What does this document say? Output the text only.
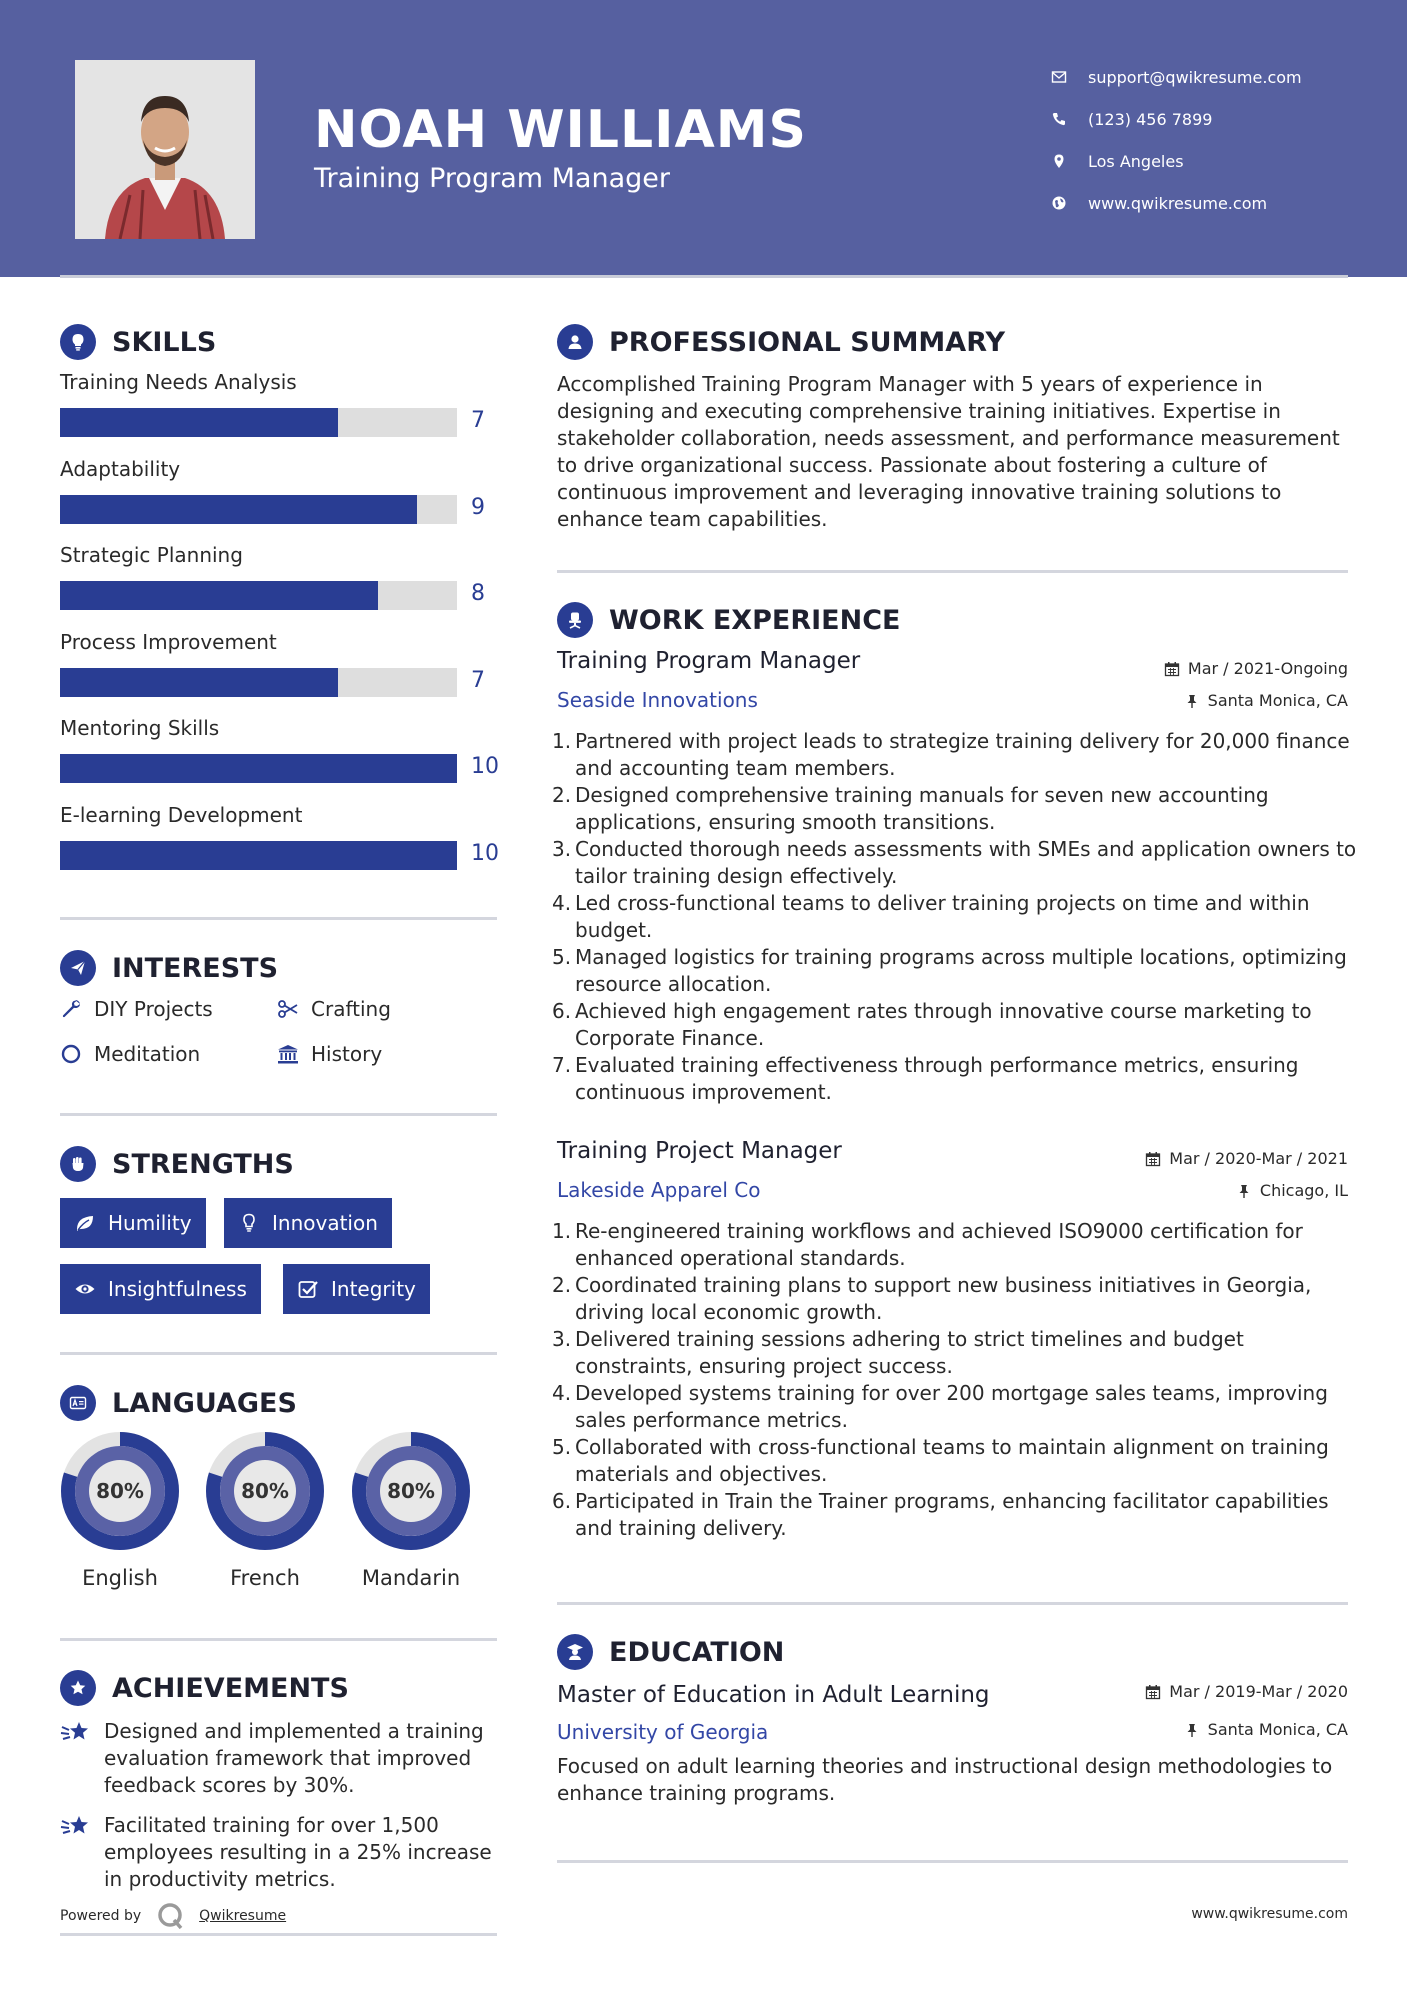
NOAH WILLIAMS
Training Program Manager
support@qwikresume.com
(123) 456 7899
Los Angeles
www.qwikresume.com
SKILLS
Training Needs Analysis
7
Adaptability
9
Strategic Planning
8
Process Improvement
7
Mentoring Skills
10
E-learning Development
10
INTERESTS
DIY Projects	Crafting
Meditation	History
STRENGTHS
Humility	Innovation
Insightfulness	Integrity
LANGUAGES
80%
English
80%
French
80%
Mandarin
ACHIEVEMENTS
Designed and implemented a training evaluation framework that improved feedback scores by 30%.
Facilitated training for over 1,500 employees resulting in a 25% increase in productivity metrics.
Powered by	Qwikresume
PROFESSIONAL SUMMARY
Accomplished Training Program Manager with 5 years of experience in designing and executing comprehensive training initiatives. Expertise in stakeholder collaboration, needs assessment, and performance measurement to drive organizational success. Passionate about fostering a culture of continuous improvement and leveraging innovative training solutions to enhance team capabilities.
WORK EXPERIENCE
Training Program Manager	Mar / 2021-Ongoing
Seaside Innovations	Santa Monica, CA
1. Partnered with project leads to strategize training delivery for 20,000 finance and accounting team members.
2. Designed comprehensive training manuals for seven new accounting applications, ensuring smooth transitions.
3. Conducted thorough needs assessments with SMEs and application owners to tailor training design effectively.
4. Led cross-functional teams to deliver training projects on time and within budget.
5. Managed logistics for training programs across multiple locations, optimizing resource allocation.
6. Achieved high engagement rates through innovative course marketing to Corporate Finance.
7. Evaluated training effectiveness through performance metrics, ensuring continuous improvement.
Training Project Manager	Mar / 2020-Mar / 2021
Lakeside Apparel Co	Chicago, IL
1. Re-engineered training workflows and achieved ISO9000 certification for enhanced operational standards.
2. Coordinated training plans to support new business initiatives in Georgia, driving local economic growth.
3. Delivered training sessions adhering to strict timelines and budget constraints, ensuring project success.
4. Developed systems training for over 200 mortgage sales teams, improving sales performance metrics.
5. Collaborated with cross-functional teams to maintain alignment on training materials and objectives.
6. Participated in Train the Trainer programs, enhancing facilitator capabilities and training delivery.
EDUCATION
Master of Education in Adult Learning	Mar / 2019-Mar / 2020
University of Georgia	Santa Monica, CA
Focused on adult learning theories and instructional design methodologies to enhance training programs.
www.qwikresume.com
